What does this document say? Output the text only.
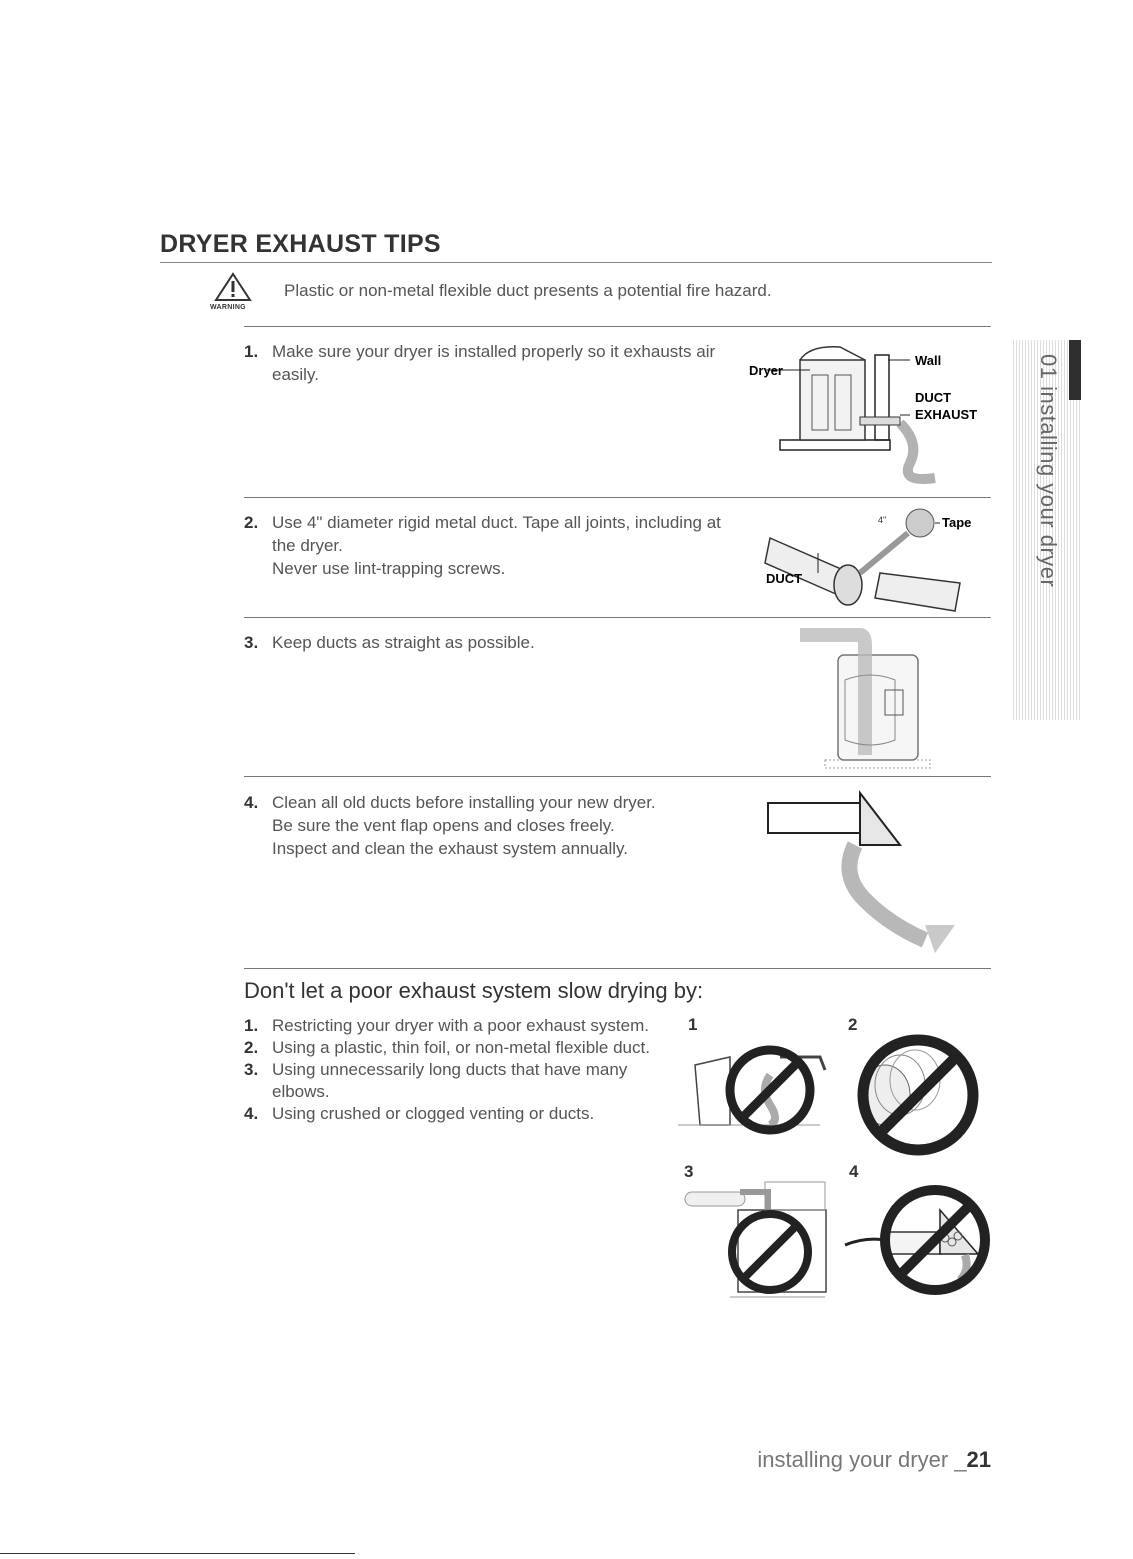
DRYER EXHAUST TIPS
WARNING
Plastic or non-metal flexible duct presents a potential fire hazard.
1. Make sure your dryer is installed properly so it exhausts air
easily.	Dryer
Wall
DUCT
EXHAUST
2. Use 4" diameter rigid metal duct. Tape all joints, including at
the dryer.
Never use lint-trapping screws.
4"	Tape
DUCT
3. Keep ducts as straight as possible.
4. Clean all old ducts before installing your new dryer.
Be sure the vent flap opens and closes freely.
Inspect and clean the exhaust system annually.
Don't let a poor exhaust system slow drying by:
1. Restricting your dryer with a poor exhaust system.
2. Using a plastic, thin foil, or non-metal flexible duct.
3. Using unnecessarily long ducts that have many
elbows.
4. Using crushed or clogged venting or ducts.
1	2
3	4
01 installing your dryer
installing your dryer _21
